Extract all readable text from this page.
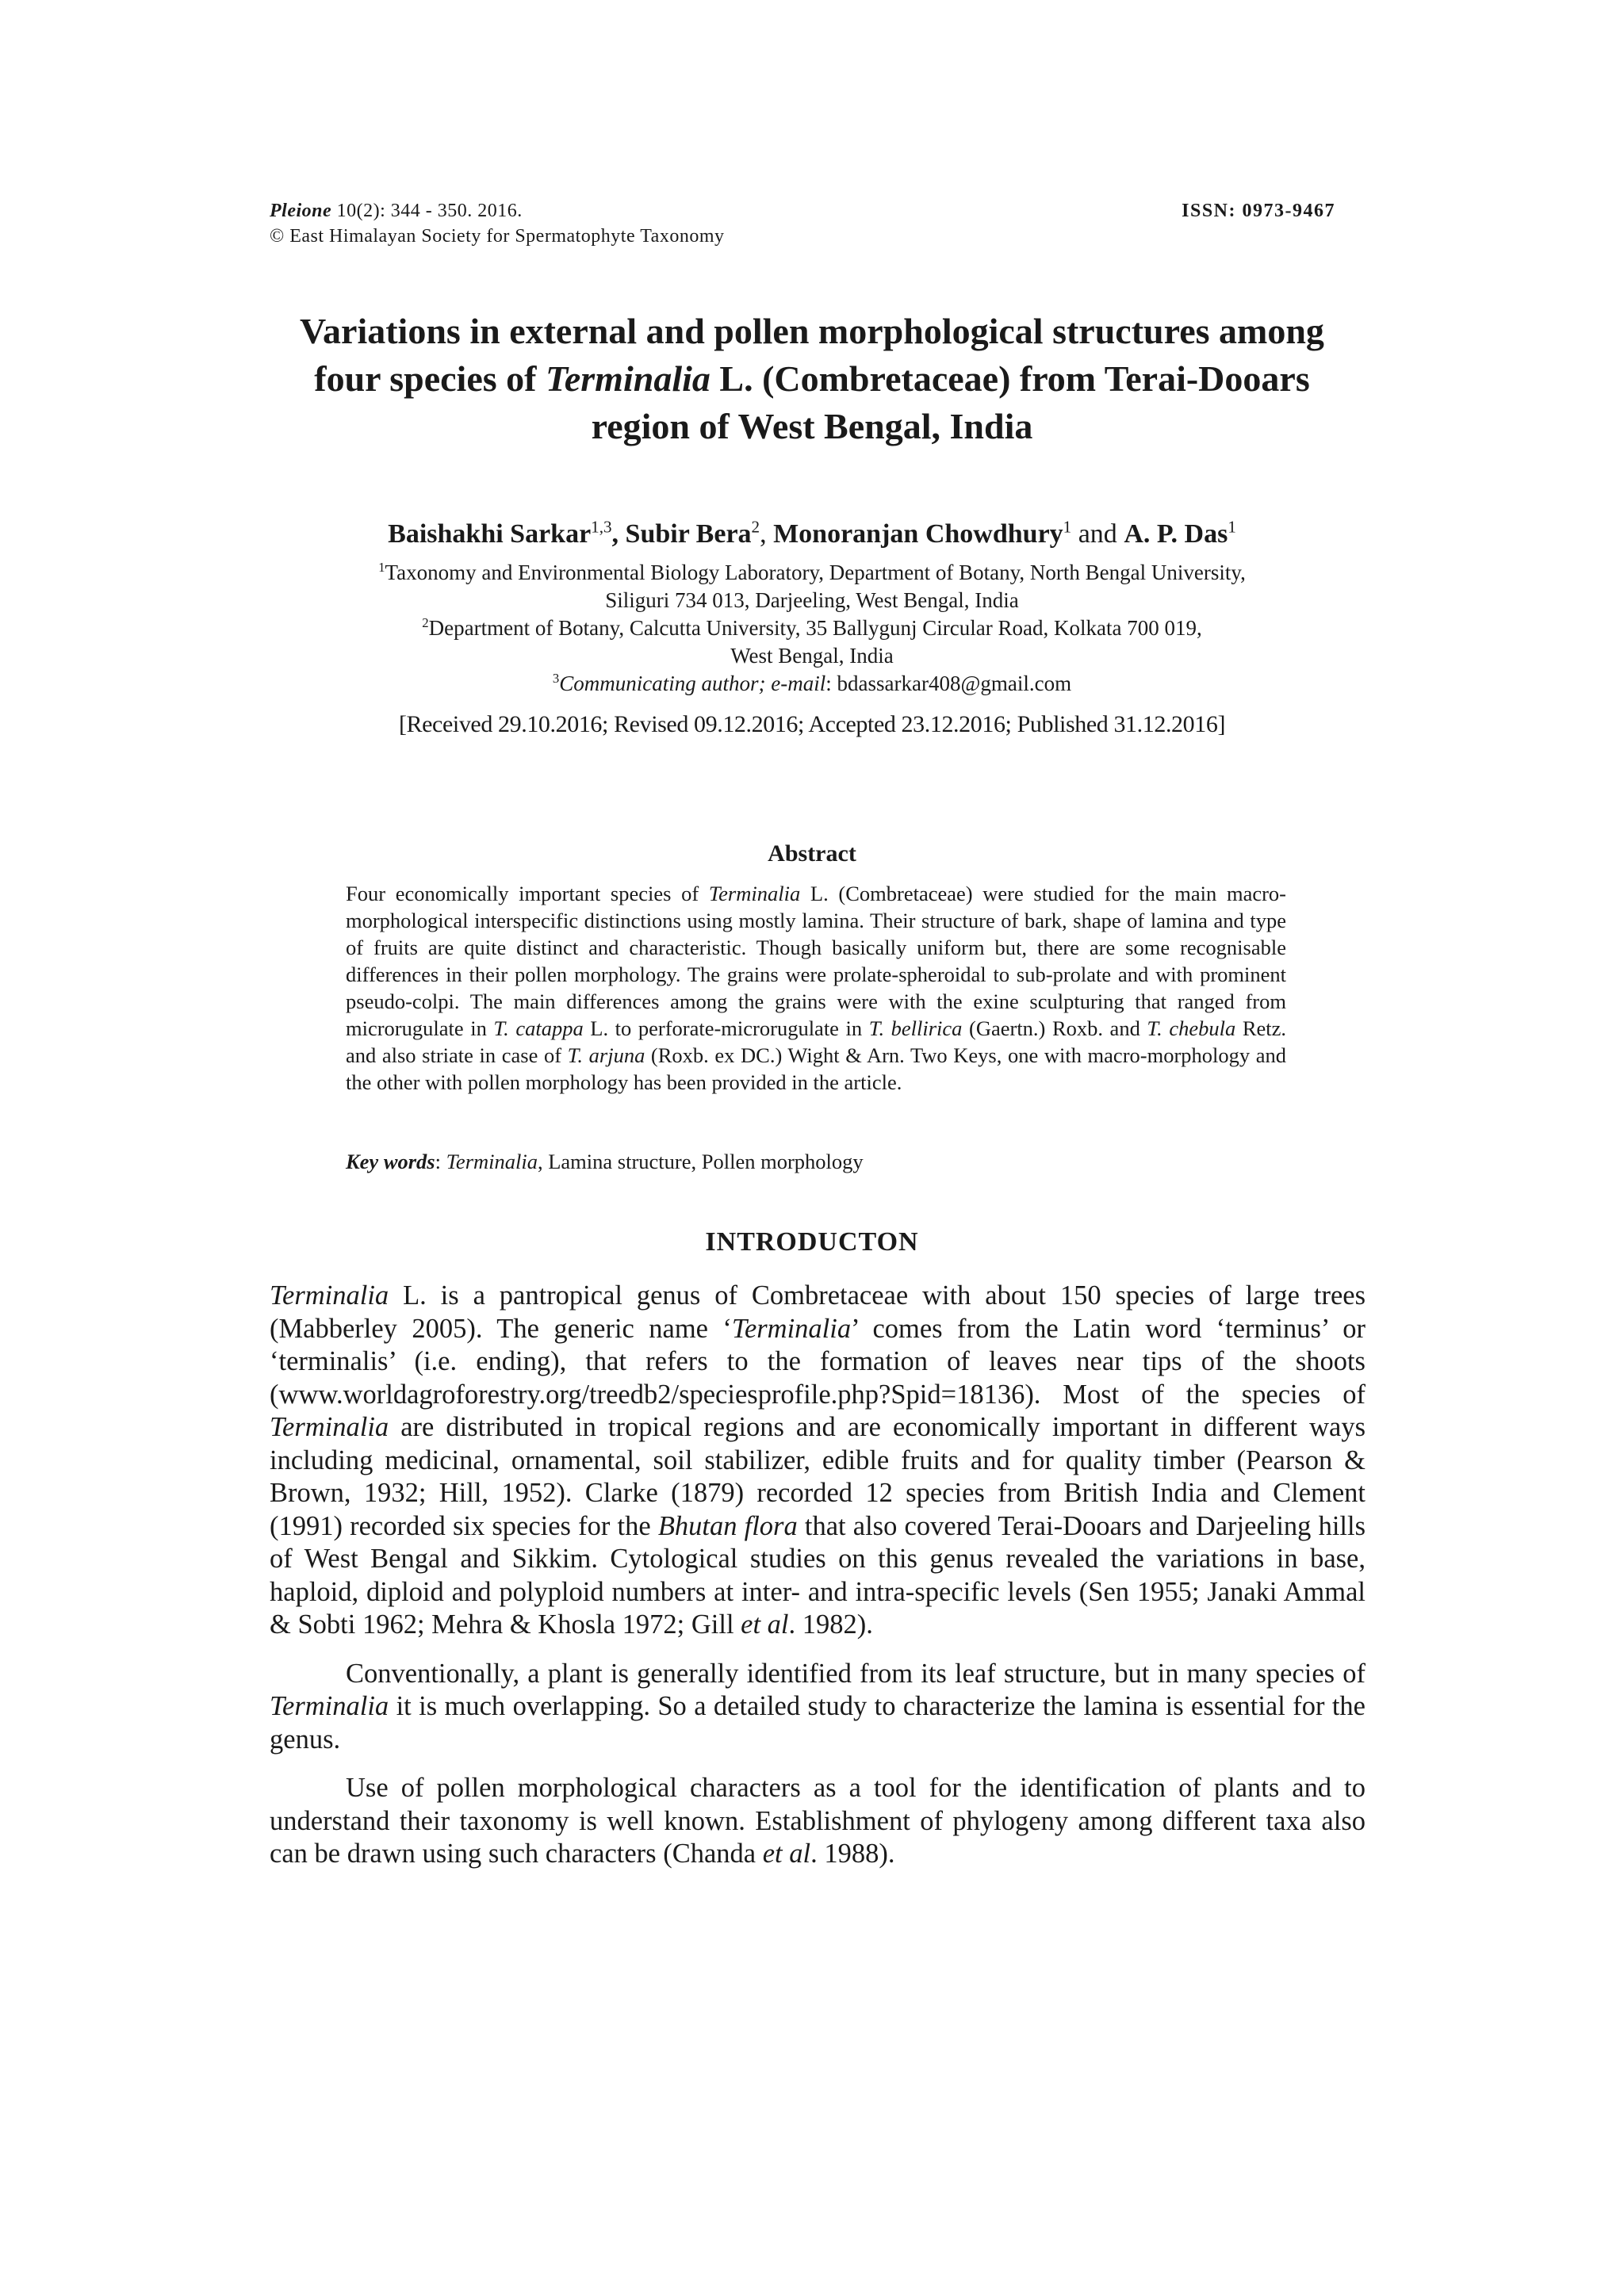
Pleione 10(2): 344 - 350. 2016.
© East Himalayan Society for Spermatophyte Taxonomy
ISSN: 0973-9467
Variations in external and pollen morphological structures among
four species of Terminalia L. (Combretaceae) from Terai-Dooars
region of West Bengal, India
Baishakhi Sarkar$^{1,3}$, Subir Bera$^2$, Monoranjan Chowdhury$^1$ and A. P. Das$^1$
$^1$Taxonomy and Environmental Biology Laboratory, Department of Botany, North Bengal University,
Siliguri 734 013, Darjeeling, West Bengal, India
$^2$Department of Botany, Calcutta University, 35 Ballygunj Circular Road, Kolkata 700 019,
West Bengal, India
$^3$Communicating author; e-mail: bdassarkar408@gmail.com
[Received 29.10.2016; Revised 09.12.2016; Accepted 23.12.2016; Published 31.12.2016]
Abstract
Four economically important species of Terminalia L. (Combretaceae) were studied for the main macro-morphological interspecific distinctions using mostly lamina. Their structure of bark, shape of lamina and type of fruits are quite distinct and characteristic. Though basically uniform but, there are some recognisable differences in their pollen morphology. The grains were prolate-spheroidal to sub-prolate and with prominent pseudo-colpi. The main differences among the grains were with the exine sculpturing that ranged from microrugulate in T. catappa L. to perforate-microrugulate in T. bellirica (Gaertn.) Roxb. and T. chebula Retz. and also striate in case of T. arjuna (Roxb. ex DC.) Wight & Arn. Two Keys, one with macro-morphology and the other with pollen morphology has been provided in the article.
Key words: Terminalia, Lamina structure, Pollen morphology
INTRODUCTON

Terminalia L. is a pantropical genus of Combretaceae with about 150 species of large trees (Mabberley 2005). The generic name ‘Terminalia’ comes from the Latin word ‘terminus’ or ‘terminalis’ (i.e. ending), that refers to the formation of leaves near tips of the shoots (www.worldagroforestry.org/treedb2/speciesprofile.php?Spid=18136). Most of the species of Terminalia are distributed in tropical regions and are economically important in different ways including medicinal, ornamental, soil stabilizer, edible fruits and for quality timber (Pearson & Brown, 1932; Hill, 1952). Clarke (1879) recorded 12 species from British India and Clement (1991) recorded six species for the Bhutan flora that also covered Terai-Dooars and Darjeeling hills of West Bengal and Sikkim. Cytological studies on this genus revealed the variations in base, haploid, diploid and polyploid numbers at inter- and intra-specific levels (Sen 1955; Janaki Ammal & Sobti 1962; Mehra & Khosla 1972; Gill et al. 1982).

Conventionally, a plant is generally identified from its leaf structure, but in many species of Terminalia it is much overlapping. So a detailed study to characterize the lamina is essential for the genus.

Use of pollen morphological characters as a tool for the identification of plants and to understand their taxonomy is well known. Establishment of phylogeny among different taxa also can be drawn using such characters (Chanda et al. 1988).
